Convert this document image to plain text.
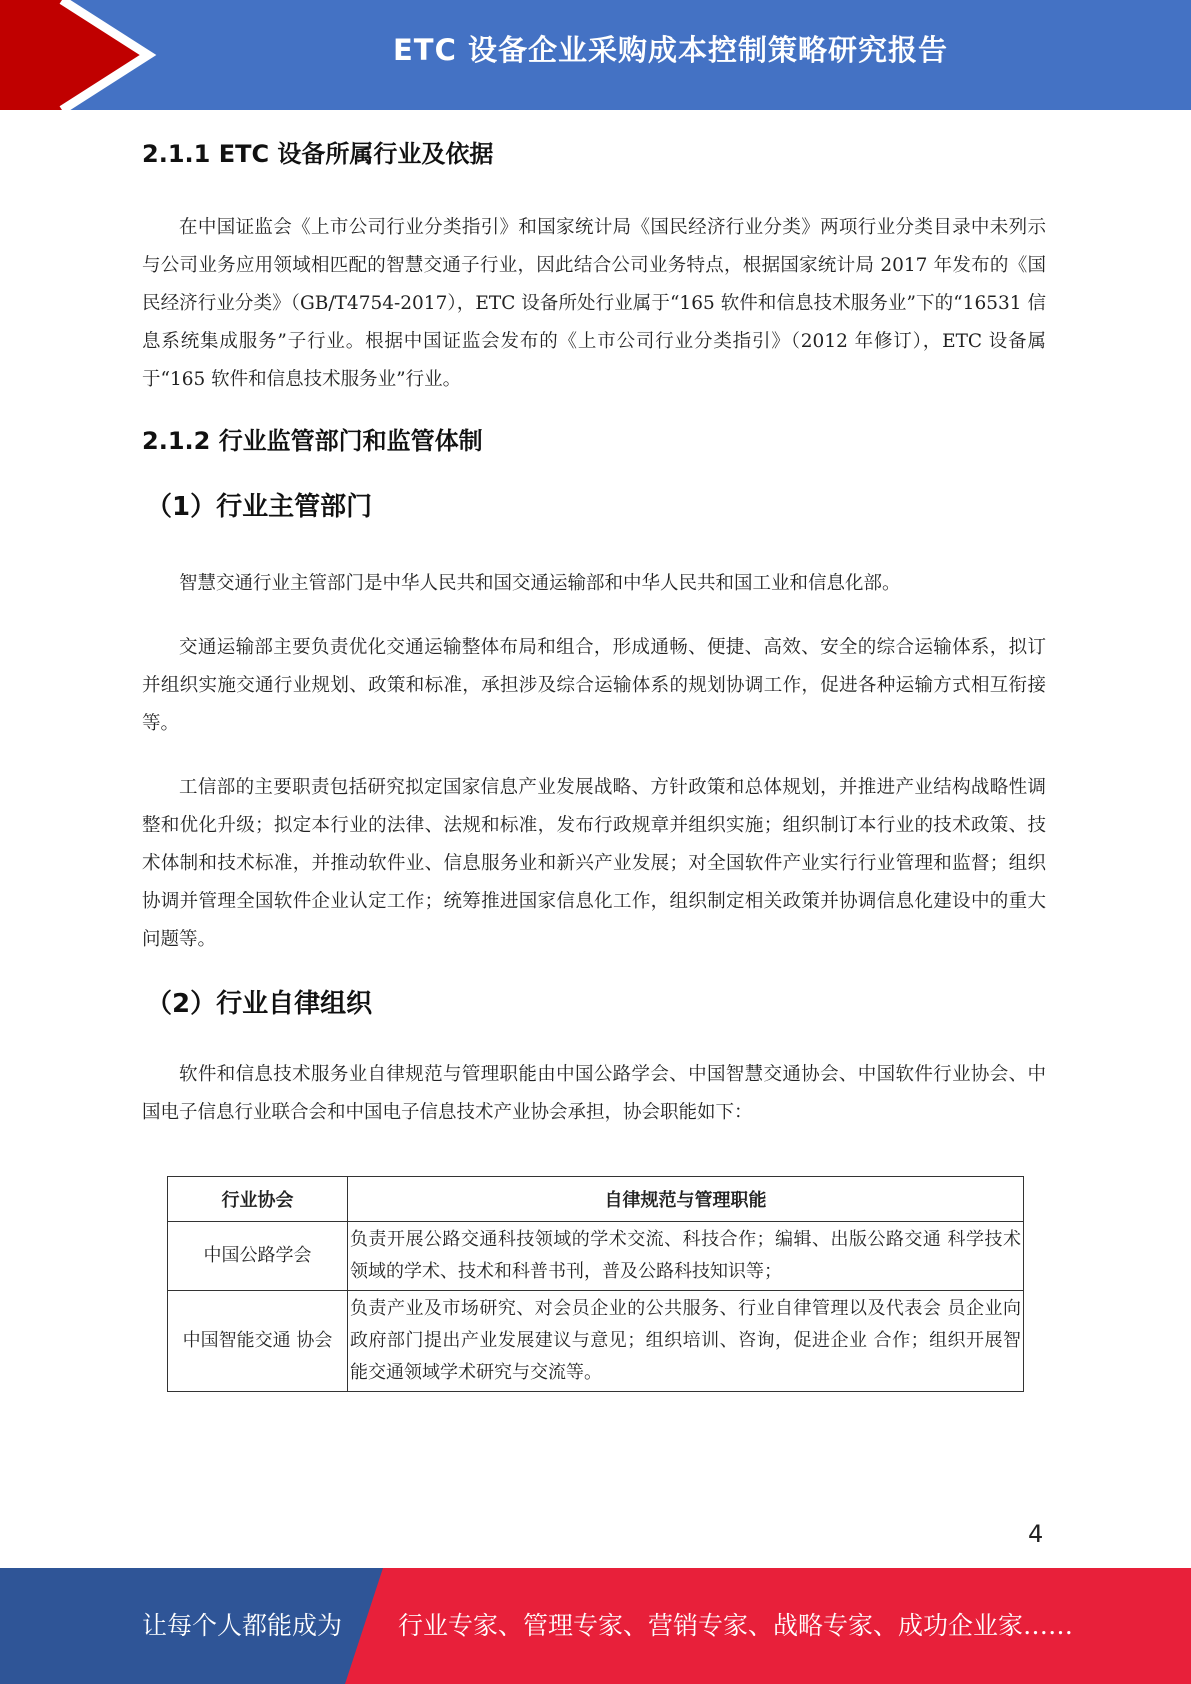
ETC 设备企业采购成本控制策略研究报告
2.1.1 ETC 设备所属行业及依据

在中国证监会《上市公司行业分类指引》和国家统计局《国民经济行业分类》两项行业分类目录中未列示与公司业务应用领域相匹配的智慧交通子行业，因此结合公司业务特点，根据国家统计局 2017 年发布的《国民经济行业分类》（GB/T4754-2017），ETC 设备所处行业属于“165 软件和信息技术服务业”下的“16531 信息系统集成服务”子行业。根据中国证监会发布的《上市公司行业分类指引》（2012 年修订），ETC 设备属于“165 软件和信息技术服务业”行业。

2.1.2 行业监管部门和监管体制
（1）行业主管部门

智慧交通行业主管部门是中华人民共和国交通运输部和中华人民共和国工业和信息化部。

交通运输部主要负责优化交通运输整体布局和组合，形成通畅、便捷、高效、安全的综合运输体系，拟订并组织实施交通行业规划、政策和标准，承担涉及综合运输体系的规划协调工作，促进各种运输方式相互衔接等。

工信部的主要职责包括研究拟定国家信息产业发展战略、方针政策和总体规划，并推进产业结构战略性调整和优化升级；拟定本行业的法律、法规和标准，发布行政规章并组织实施；组织制订本行业的技术政策、技术体制和技术标准，并推动软件业、信息服务业和新兴产业发展；对全国软件产业实行行业管理和监督；组织协调并管理全国软件企业认定工作；统筹推进国家信息化工作，组织制定相关政策并协调信息化建设中的重大问题等。

（2）行业自律组织

软件和信息技术服务业自律规范与管理职能由中国公路学会、中国智慧交通协会、中国软件行业协会、中国电子信息行业联合会和中国电子信息技术产业协会承担，协会职能如下：

行业协会	自律规范与管理职能
中国公路学会	负责开展公路交通科技领域的学术交流、科技合作；编辑、出版公路交通 科学技术领域的学术、技术和科普书刊，普及公路科技知识等；
中国智能交通 协会	负责产业及市场研究、对会员企业的公共服务、行业自律管理以及代表会 员企业向政府部门提出产业发展建议与意见；组织培训、咨询，促进企业 合作；组织开展智能交通领域学术研究与交流等。
4
让每个人都能成为 行业专家、管理专家、营销专家、战略专家、成功企业家……
